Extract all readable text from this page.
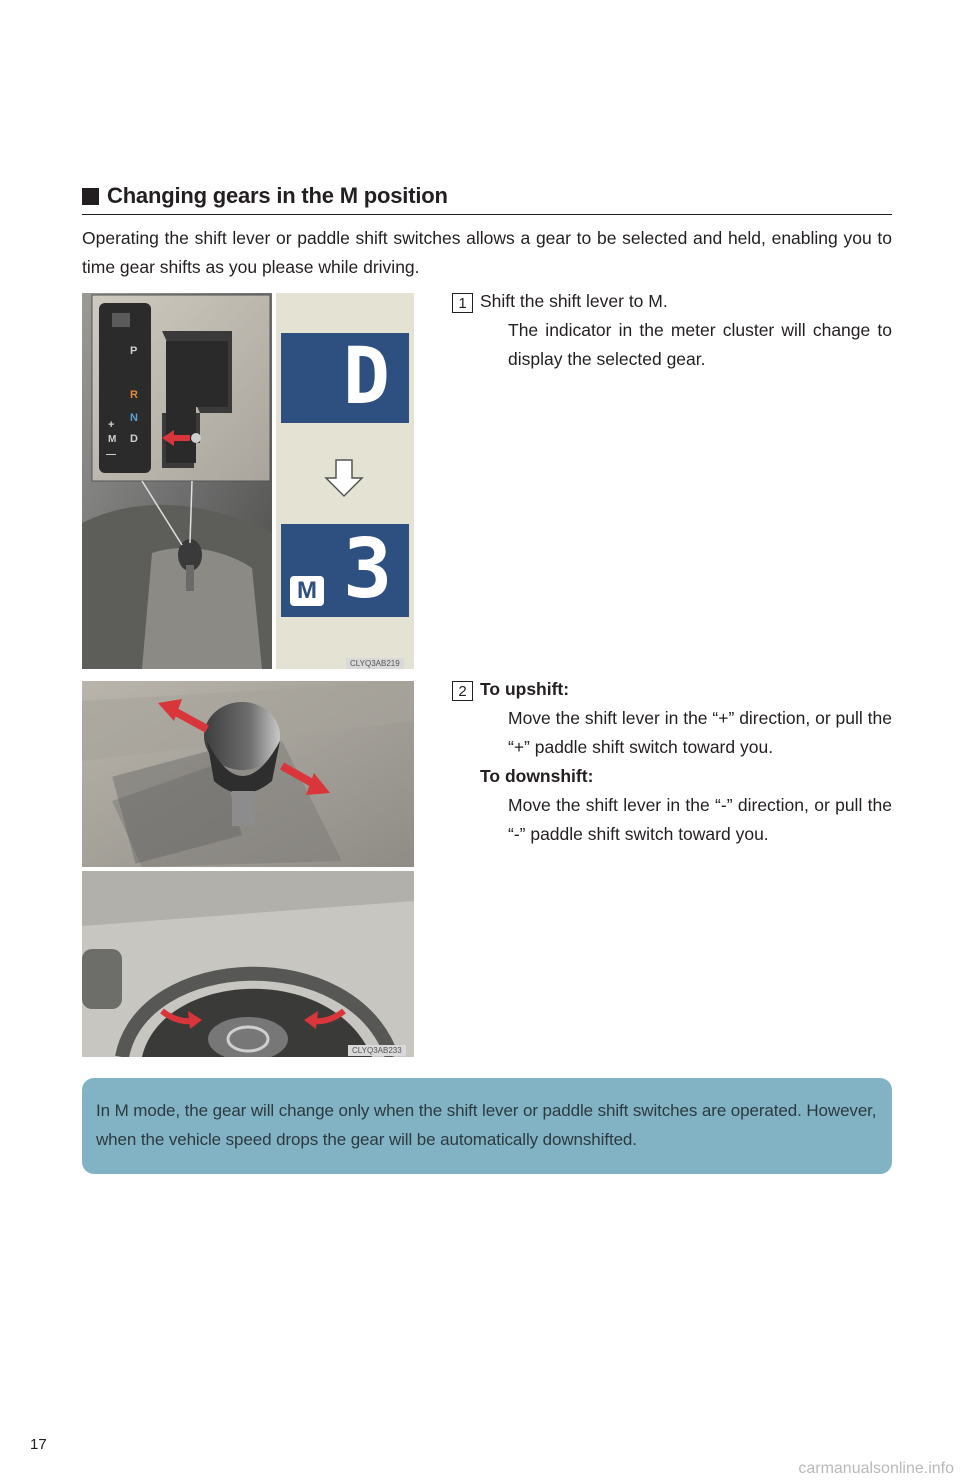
Changing gears in the M position
Operating the shift lever or paddle shift switches allows a gear to be selected and held, enabling you to time gear shifts as you please while driving.
P
R
N
+
M D
—
D
M 3
CLYQ3AB219
1 Shift the shift lever to M.
The indicator in the meter cluster will change to display the selected gear.
CLYQ3AB233
2 To upshift:
Move the shift lever in the “+” direction, or pull the “+” paddle shift switch toward you.
To downshift:
Move the shift lever in the “-” direction, or pull the “-” paddle shift switch toward you.
In M mode, the gear will change only when the shift lever or paddle shift switches are operated. However, when the vehicle speed drops the gear will be automatically downshifted.
17
carmanualsonline.info
